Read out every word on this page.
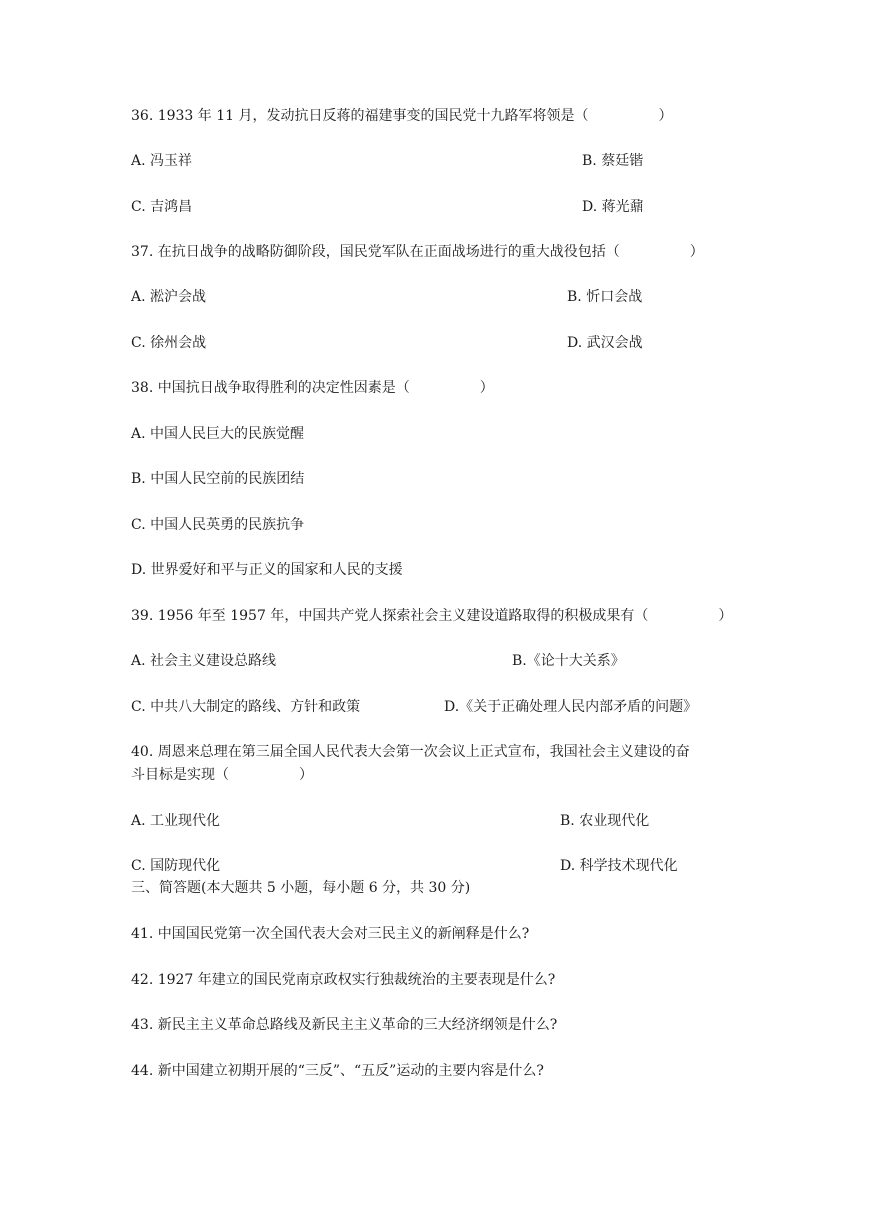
36. 1933 年 11 月，发动抗日反蒋的福建事变的国民党十九路军将领是（　　　　　）
A. 冯玉祥	B. 蔡廷锴
C. 吉鸿昌	D. 蒋光鼐
37. 在抗日战争的战略防御阶段，国民党军队在正面战场进行的重大战役包括（　　　　　）
A. 淞沪会战	B. 忻口会战
C. 徐州会战	D. 武汉会战
38. 中国抗日战争取得胜利的决定性因素是（　　　　　）
A. 中国人民巨大的民族觉醒
B. 中国人民空前的民族团结
C. 中国人民英勇的民族抗争
D. 世界爱好和平与正义的国家和人民的支援
39. 1956 年至 1957 年，中国共产党人探索社会主义建设道路取得的积极成果有（　　　　　）
A. 社会主义建设总路线	B.《论十大关系》
C. 中共八大制定的路线、方针和政策	D.《关于正确处理人民内部矛盾的问题》
40. 周恩来总理在第三届全国人民代表大会第一次会议上正式宣布，我国社会主义建设的奋
斗目标是实现（　　　　　）
A. 工业现代化	B. 农业现代化
C. 国防现代化	D. 科学技术现代化
三、简答题(本大题共 5 小题，每小题 6 分，共 30 分)
41. 中国国民党第一次全国代表大会对三民主义的新阐释是什么?
42. 1927 年建立的国民党南京政权实行独裁统治的主要表现是什么?
43. 新民主主义革命总路线及新民主主义革命的三大经济纲领是什么?
44. 新中国建立初期开展的“三反”、“五反”运动的主要内容是什么?
